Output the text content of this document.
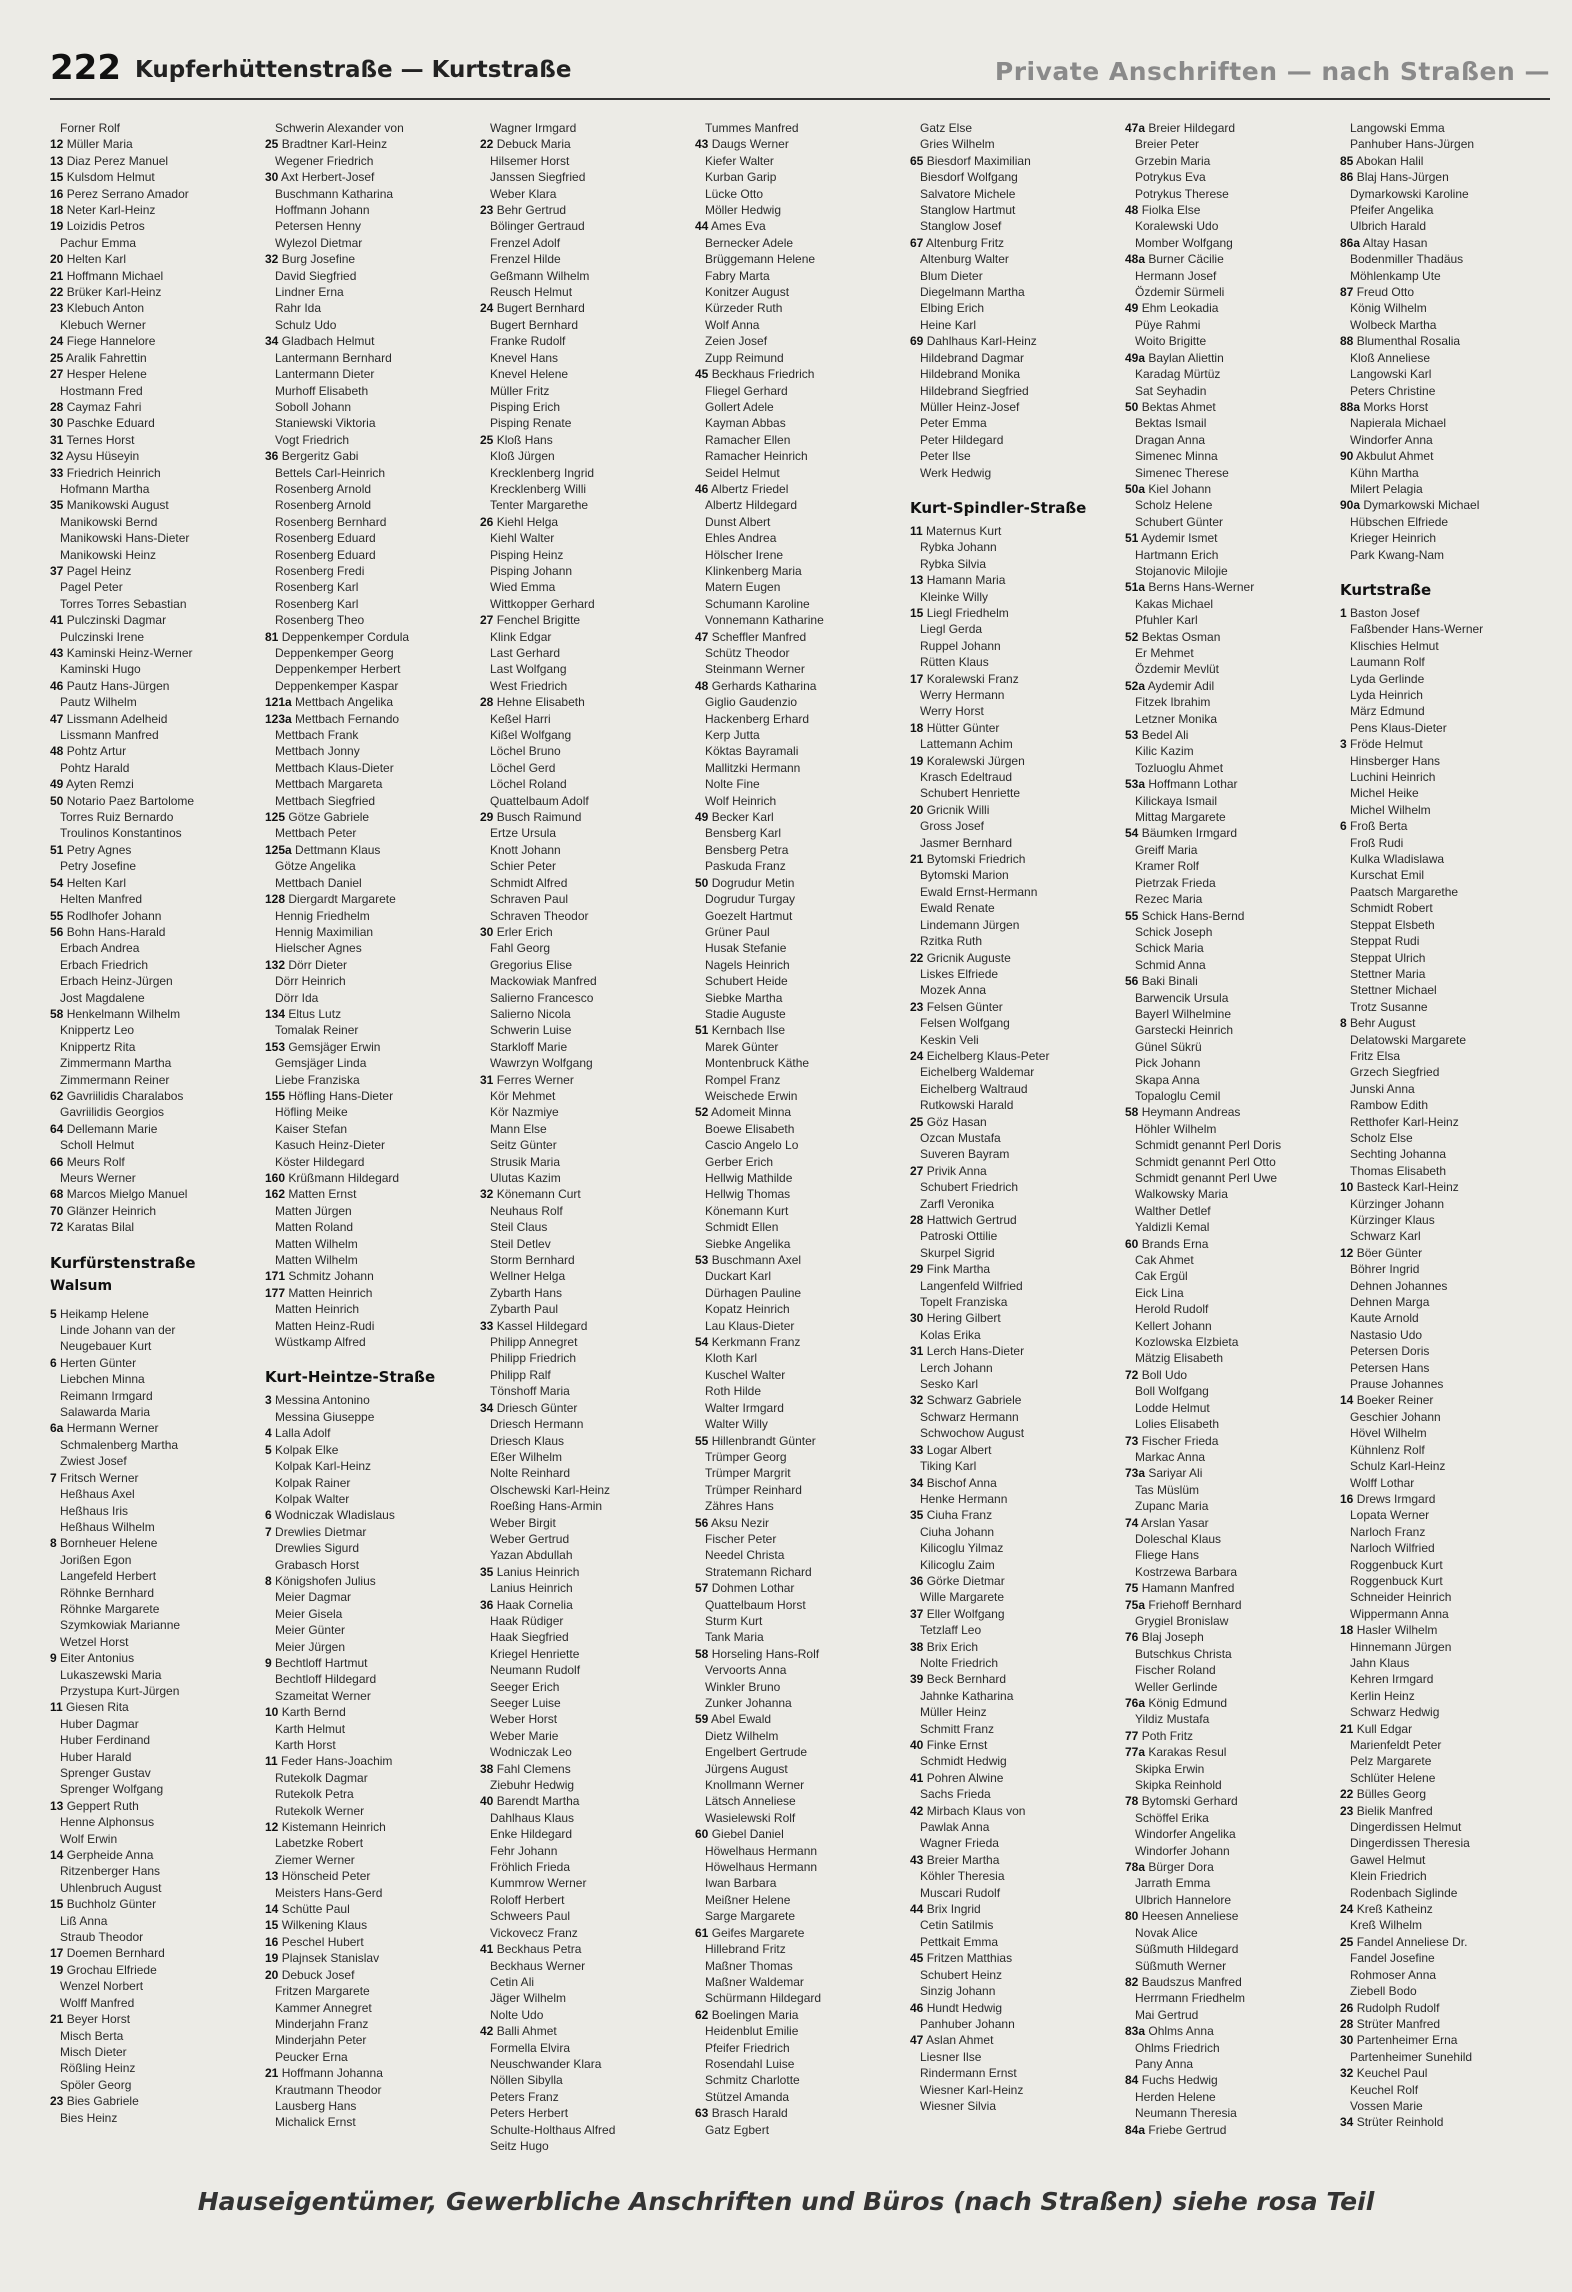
222 Kupferhüttenstraße — Kurtstraße	Private Anschriften — nach Straßen —
Forner Rolf
12 Müller Maria
13 Diaz Perez Manuel
15 Kulsdom Helmut
16 Perez Serrano Amador
18 Neter Karl-Heinz
19 Loizidis Petros
Pachur Emma
20 Helten Karl
21 Hoffmann Michael
22 Brüker Karl-Heinz
23 Klebuch Anton
Klebuch Werner
24 Fiege Hannelore
25 Aralik Fahrettin
27 Hesper Helene
Hostmann Fred
28 Caymaz Fahri
30 Paschke Eduard
31 Ternes Horst
32 Aysu Hüseyin
33 Friedrich Heinrich
Hofmann Martha
35 Manikowski August
Manikowski Bernd
Manikowski Hans-Dieter
Manikowski Heinz
37 Pagel Heinz
Pagel Peter
Torres Torres Sebastian
41 Pulczinski Dagmar
Pulczinski Irene
43 Kaminski Heinz-Werner
Kaminski Hugo
46 Pautz Hans-Jürgen
Pautz Wilhelm
47 Lissmann Adelheid
Lissmann Manfred
48 Pohtz Artur
Pohtz Harald
49 Ayten Remzi
50 Notario Paez Bartolome
Torres Ruiz Bernardo
Troulinos Konstantinos
51 Petry Agnes
Petry Josefine
54 Helten Karl
Helten Manfred
55 Rodlhofer Johann
56 Bohn Hans-Harald
Erbach Andrea
Erbach Friedrich
Erbach Heinz-Jürgen
Jost Magdalene
58 Henkelmann Wilhelm
Knippertz Leo
Knippertz Rita
Zimmermann Martha
Zimmermann Reiner
62 Gavriilidis Charalabos
Gavriilidis Georgios
64 Dellemann Marie
Scholl Helmut
66 Meurs Rolf
Meurs Werner
68 Marcos Mielgo Manuel
70 Glänzer Heinrich
72 Karatas Bilal
Kurfürstenstraße
Walsum
5 Heikamp Helene
Linde Johann van der
Neugebauer Kurt
6 Herten Günter
Liebchen Minna
Reimann Irmgard
Salawarda Maria
6a Hermann Werner
Schmalenberg Martha
Zwiest Josef
7 Fritsch Werner
Heßhaus Axel
Heßhaus Iris
Heßhaus Wilhelm
8 Bornheuer Helene
Jorißen Egon
Langefeld Herbert
Röhnke Bernhard
Röhnke Margarete
Szymkowiak Marianne
Wetzel Horst
9 Eiter Antonius
Lukaszewski Maria
Przystupa Kurt-Jürgen
11 Giesen Rita
Huber Dagmar
Huber Ferdinand
Huber Harald
Sprenger Gustav
Sprenger Wolfgang
13 Geppert Ruth
Henne Alphonsus
Wolf Erwin
14 Gerpheide Anna
Ritzenberger Hans
Uhlenbruch August
15 Buchholz Günter
Liß Anna
Straub Theodor
17 Doemen Bernhard
19 Grochau Elfriede
Wenzel Norbert
Wolff Manfred
21 Beyer Horst
Misch Berta
Misch Dieter
Rößling Heinz
Spöler Georg
23 Bies Gabriele
Bies Heinz
Schwerin Alexander von
25 Bradtner Karl-Heinz
Wegener Friedrich
30 Axt Herbert-Josef
Buschmann Katharina
Hoffmann Johann
Petersen Henny
Wylezol Dietmar
32 Burg Josefine
David Siegfried
Lindner Erna
Rahr Ida
Schulz Udo
34 Gladbach Helmut
Lantermann Bernhard
Lantermann Dieter
Murhoff Elisabeth
Soboll Johann
Staniewski Viktoria
Vogt Friedrich
36 Bergeritz Gabi
Bettels Carl-Heinrich
Rosenberg Arnold
Rosenberg Arnold
Rosenberg Bernhard
Rosenberg Eduard
Rosenberg Eduard
Rosenberg Fredi
Rosenberg Karl
Rosenberg Karl
Rosenberg Theo
81 Deppenkemper Cordula
Deppenkemper Georg
Deppenkemper Herbert
Deppenkemper Kaspar
121a Mettbach Angelika
123a Mettbach Fernando
Mettbach Frank
Mettbach Jonny
Mettbach Klaus-Dieter
Mettbach Margareta
Mettbach Siegfried
125 Götze Gabriele
Mettbach Peter
125a Dettmann Klaus
Götze Angelika
Mettbach Daniel
128 Diergardt Margarete
Hennig Friedhelm
Hennig Maximilian
Hielscher Agnes
132 Dörr Dieter
Dörr Heinrich
Dörr Ida
134 Eltus Lutz
Tomalak Reiner
153 Gemsjäger Erwin
Gemsjäger Linda
Liebe Franziska
155 Höfling Hans-Dieter
Höfling Meike
Kaiser Stefan
Kasuch Heinz-Dieter
Köster Hildegard
160 Krüßmann Hildegard
162 Matten Ernst
Matten Jürgen
Matten Roland
Matten Wilhelm
Matten Wilhelm
171 Schmitz Johann
177 Matten Heinrich
Matten Heinrich
Matten Heinz-Rudi
Wüstkamp Alfred
Kurt-Heintze-Straße
3 Messina Antonino
Messina Giuseppe
4 Lalla Adolf
5 Kolpak Elke
Kolpak Karl-Heinz
Kolpak Rainer
Kolpak Walter
6 Wodniczak Wladislaus
7 Drewlies Dietmar
Drewlies Sigurd
Grabasch Horst
8 Königshofen Julius
Meier Dagmar
Meier Gisela
Meier Günter
Meier Jürgen
9 Bechtloff Hartmut
Bechtloff Hildegard
Szameitat Werner
10 Karth Bernd
Karth Helmut
Karth Horst
11 Feder Hans-Joachim
Rutekolk Dagmar
Rutekolk Petra
Rutekolk Werner
12 Kistemann Heinrich
Labetzke Robert
Ziemer Werner
13 Hönscheid Peter
Meisters Hans-Gerd
14 Schütte Paul
15 Wilkening Klaus
16 Peschel Hubert
19 Plajnsek Stanislav
20 Debuck Josef
Fritzen Margarete
Kammer Annegret
Minderjahn Franz
Minderjahn Peter
Peucker Erna
21 Hoffmann Johanna
Krautmann Theodor
Lausberg Hans
Michalick Ernst
Wagner Irmgard
22 Debuck Maria
Hilsemer Horst
Janssen Siegfried
Weber Klara
23 Behr Gertrud
Bölinger Gertraud
Frenzel Adolf
Frenzel Hilde
Geßmann Wilhelm
Reusch Helmut
24 Bugert Bernhard
Bugert Bernhard
Franke Rudolf
Knevel Hans
Knevel Helene
Müller Fritz
Pisping Erich
Pisping Renate
25 Kloß Hans
Kloß Jürgen
Krecklenberg Ingrid
Krecklenberg Willi
Tenter Margarethe
26 Kiehl Helga
Kiehl Walter
Pisping Heinz
Pisping Johann
Wied Emma
Wittkopper Gerhard
27 Fenchel Brigitte
Klink Edgar
Last Gerhard
Last Wolfgang
West Friedrich
28 Hehne Elisabeth
Keßel Harri
Kißel Wolfgang
Löchel Bruno
Löchel Gerd
Löchel Roland
Quattelbaum Adolf
29 Busch Raimund
Ertze Ursula
Knott Johann
Schier Peter
Schmidt Alfred
Schraven Paul
Schraven Theodor
30 Erler Erich
Fahl Georg
Gregorius Elise
Mackowiak Manfred
Salierno Francesco
Salierno Nicola
Schwerin Luise
Starkloff Marie
Wawrzyn Wolfgang
31 Ferres Werner
Kör Mehmet
Kör Nazmiye
Mann Else
Seitz Günter
Strusik Maria
Ulutas Kazim
32 Könemann Curt
Neuhaus Rolf
Steil Claus
Steil Detlev
Storm Bernhard
Wellner Helga
Zybarth Hans
Zybarth Paul
33 Kassel Hildegard
Philipp Annegret
Philipp Friedrich
Philipp Ralf
Tönshoff Maria
34 Driesch Günter
Driesch Hermann
Driesch Klaus
Eßer Wilhelm
Nolte Reinhard
Olschewski Karl-Heinz
Roeßing Hans-Armin
Weber Birgit
Weber Gertrud
Yazan Abdullah
35 Lanius Heinrich
Lanius Heinrich
36 Haak Cornelia
Haak Rüdiger
Haak Siegfried
Kriegel Henriette
Neumann Rudolf
Seeger Erich
Seeger Luise
Weber Horst
Weber Marie
Wodniczak Leo
38 Fahl Clemens
Ziebuhr Hedwig
40 Barendt Martha
Dahlhaus Klaus
Enke Hildegard
Fehr Johann
Fröhlich Frieda
Kummrow Werner
Roloff Herbert
Schweers Paul
Vickovecz Franz
41 Beckhaus Petra
Beckhaus Werner
Cetin Ali
Jäger Wilhelm
Nolte Udo
42 Balli Ahmet
Formella Elvira
Neuschwander Klara
Nöllen Sibylla
Peters Franz
Peters Herbert
Schulte-Holthaus Alfred
Seitz Hugo
Tummes Manfred
43 Daugs Werner
Kiefer Walter
Kurban Garip
Lücke Otto
Möller Hedwig
44 Ames Eva
Bernecker Adele
Brüggemann Helene
Fabry Marta
Konitzer August
Kürzeder Ruth
Wolf Anna
Zeien Josef
Zupp Reimund
45 Beckhaus Friedrich
Fliegel Gerhard
Gollert Adele
Kayman Abbas
Ramacher Ellen
Ramacher Heinrich
Seidel Helmut
46 Albertz Friedel
Albertz Hildegard
Dunst Albert
Ehles Andrea
Hölscher Irene
Klinkenberg Maria
Matern Eugen
Schumann Karoline
Vonnemann Katharine
47 Scheffler Manfred
Schütz Theodor
Steinmann Werner
48 Gerhards Katharina
Giglio Gaudenzio
Hackenberg Erhard
Kerp Jutta
Köktas Bayramali
Mallitzki Hermann
Nolte Fine
Wolf Heinrich
49 Becker Karl
Bensberg Karl
Bensberg Petra
Paskuda Franz
50 Dogrudur Metin
Dogrudur Turgay
Goezelt Hartmut
Grüner Paul
Husak Stefanie
Nagels Heinrich
Schubert Heide
Siebke Martha
Stadie Auguste
51 Kernbach Ilse
Marek Günter
Montenbruck Käthe
Rompel Franz
Weischede Erwin
52 Adomeit Minna
Boewe Elisabeth
Cascio Angelo Lo
Gerber Erich
Hellwig Mathilde
Hellwig Thomas
Könemann Kurt
Schmidt Ellen
Siebke Angelika
53 Buschmann Axel
Duckart Karl
Dürhagen Pauline
Kopatz Heinrich
Lau Klaus-Dieter
54 Kerkmann Franz
Kloth Karl
Kuschel Walter
Roth Hilde
Walter Irmgard
Walter Willy
55 Hillenbrandt Günter
Trümper Georg
Trümper Margrit
Trümper Reinhard
Zähres Hans
56 Aksu Nezir
Fischer Peter
Needel Christa
Stratemann Richard
57 Dohmen Lothar
Quattelbaum Horst
Sturm Kurt
Tank Maria
58 Horseling Hans-Rolf
Vervoorts Anna
Winkler Bruno
Zunker Johanna
59 Abel Ewald
Dietz Wilhelm
Engelbert Gertrude
Jürgens August
Knollmann Werner
Lätsch Anneliese
Wasielewski Rolf
60 Giebel Daniel
Höwelhaus Hermann
Höwelhaus Hermann
Iwan Barbara
Meißner Helene
Sarge Margarete
61 Geifes Margarete
Hillebrand Fritz
Maßner Thomas
Maßner Waldemar
Schürmann Hildegard
62 Boelingen Maria
Heidenblut Emilie
Pfeifer Friedrich
Rosendahl Luise
Schmitz Charlotte
Stützel Amanda
63 Brasch Harald
Gatz Egbert
Gatz Else
Gries Wilhelm
65 Biesdorf Maximilian
Biesdorf Wolfgang
Salvatore Michele
Stanglow Hartmut
Stanglow Josef
67 Altenburg Fritz
Altenburg Walter
Blum Dieter
Diegelmann Martha
Elbing Erich
Heine Karl
69 Dahlhaus Karl-Heinz
Hildebrand Dagmar
Hildebrand Monika
Hildebrand Siegfried
Müller Heinz-Josef
Peter Emma
Peter Hildegard
Peter Ilse
Werk Hedwig
Kurt-Spindler-Straße
11 Maternus Kurt
Rybka Johann
Rybka Silvia
13 Hamann Maria
Kleinke Willy
15 Liegl Friedhelm
Liegl Gerda
Ruppel Johann
Rütten Klaus
17 Koralewski Franz
Werry Hermann
Werry Horst
18 Hütter Günter
Lattemann Achim
19 Koralewski Jürgen
Krasch Edeltraud
Schubert Henriette
20 Gricnik Willi
Gross Josef
Jasmer Bernhard
21 Bytomski Friedrich
Bytomski Marion
Ewald Ernst-Hermann
Ewald Renate
Lindemann Jürgen
Rzitka Ruth
22 Gricnik Auguste
Liskes Elfriede
Mozek Anna
23 Felsen Günter
Felsen Wolfgang
Keskin Veli
24 Eichelberg Klaus-Peter
Eichelberg Waldemar
Eichelberg Waltraud
Rutkowski Harald
25 Göz Hasan
Ozcan Mustafa
Suveren Bayram
27 Privik Anna
Schubert Friedrich
Zarfl Veronika
28 Hattwich Gertrud
Patroski Ottilie
Skurpel Sigrid
29 Fink Martha
Langenfeld Wilfried
Topelt Franziska
30 Hering Gilbert
Kolas Erika
31 Lerch Hans-Dieter
Lerch Johann
Sesko Karl
32 Schwarz Gabriele
Schwarz Hermann
Schwochow August
33 Logar Albert
Tiking Karl
34 Bischof Anna
Henke Hermann
35 Ciuha Franz
Ciuha Johann
Kilicoglu Yilmaz
Kilicoglu Zaim
36 Görke Dietmar
Wille Margarete
37 Eller Wolfgang
Tetzlaff Leo
38 Brix Erich
Nolte Friedrich
39 Beck Bernhard
Jahnke Katharina
Müller Heinz
Schmitt Franz
40 Finke Ernst
Schmidt Hedwig
41 Pohren Alwine
Sachs Frieda
42 Mirbach Klaus von
Pawlak Anna
Wagner Frieda
43 Breier Martha
Köhler Theresia
Muscari Rudolf
44 Brix Ingrid
Cetin Satilmis
Pettkait Emma
45 Fritzen Matthias
Schubert Heinz
Sinzig Johann
46 Hundt Hedwig
Panhuber Johann
47 Aslan Ahmet
Liesner Ilse
Rindermann Ernst
Wiesner Karl-Heinz
Wiesner Silvia
47a Breier Hildegard
Breier Peter
Grzebin Maria
Potrykus Eva
Potrykus Therese
48 Fiolka Else
Koralewski Udo
Momber Wolfgang
48a Burner Cäcilie
Hermann Josef
Özdemir Sürmeli
49 Ehm Leokadia
Püye Rahmi
Woito Brigitte
49a Baylan Aliettin
Karadag Mürtüz
Sat Seyhadin
50 Bektas Ahmet
Bektas Ismail
Dragan Anna
Simenec Minna
Simenec Therese
50a Kiel Johann
Scholz Helene
Schubert Günter
51 Aydemir Ismet
Hartmann Erich
Stojanovic Milojie
51a Berns Hans-Werner
Kakas Michael
Pfuhler Karl
52 Bektas Osman
Er Mehmet
Özdemir Mevlüt
52a Aydemir Adil
Fitzek Ibrahim
Letzner Monika
53 Bedel Ali
Kilic Kazim
Tozluoglu Ahmet
53a Hoffmann Lothar
Kilickaya Ismail
Mittag Margarete
54 Bäumken Irmgard
Greiff Maria
Kramer Rolf
Pietrzak Frieda
Rezec Maria
55 Schick Hans-Bernd
Schick Joseph
Schick Maria
Schmid Anna
56 Baki Binali
Barwencik Ursula
Bayerl Wilhelmine
Garstecki Heinrich
Günel Sükrü
Pick Johann
Skapa Anna
Topaloglu Cemil
58 Heymann Andreas
Höhler Wilhelm
Schmidt genannt Perl Doris
Schmidt genannt Perl Otto
Schmidt genannt Perl Uwe
Walkowsky Maria
Walther Detlef
Yaldizli Kemal
60 Brands Erna
Cak Ahmet
Cak Ergül
Eick Lina
Herold Rudolf
Kellert Johann
Kozlowska Elzbieta
Mätzig Elisabeth
72 Boll Udo
Boll Wolfgang
Lodde Helmut
Lolies Elisabeth
73 Fischer Frieda
Markac Anna
73a Sariyar Ali
Tas Müslüm
Zupanc Maria
74 Arslan Yasar
Doleschal Klaus
Fliege Hans
Kostrzewa Barbara
75 Hamann Manfred
75a Friehoff Bernhard
Grygiel Bronislaw
76 Blaj Joseph
Butschkus Christa
Fischer Roland
Weller Gerlinde
76a König Edmund
Yildiz Mustafa
77 Poth Fritz
77a Karakas Resul
Skipka Erwin
Skipka Reinhold
78 Bytomski Gerhard
Schöffel Erika
Windorfer Angelika
Windorfer Johann
78a Bürger Dora
Jarrath Emma
Ulbrich Hannelore
80 Heesen Anneliese
Novak Alice
Süßmuth Hildegard
Süßmuth Werner
82 Baudszus Manfred
Herrmann Friedhelm
Mai Gertrud
83a Ohlms Anna
Ohlms Friedrich
Pany Anna
84 Fuchs Hedwig
Herden Helene
Neumann Theresia
84a Friebe Gertrud
Langowski Emma
Panhuber Hans-Jürgen
85 Abokan Halil
86 Blaj Hans-Jürgen
Dymarkowski Karoline
Pfeifer Angelika
Ulbrich Harald
86a Altay Hasan
Bodenmiller Thadäus
Möhlenkamp Ute
87 Freud Otto
König Wilhelm
Wolbeck Martha
88 Blumenthal Rosalia
Kloß Anneliese
Langowski Karl
Peters Christine
88a Morks Horst
Napierala Michael
Windorfer Anna
90 Akbulut Ahmet
Kühn Martha
Milert Pelagia
90a Dymarkowski Michael
Hübschen Elfriede
Krieger Heinrich
Park Kwang-Nam
Kurtstraße
1 Baston Josef
Faßbender Hans-Werner
Klischies Helmut
Laumann Rolf
Lyda Gerlinde
Lyda Heinrich
März Edmund
Pens Klaus-Dieter
3 Fröde Helmut
Hinsberger Hans
Luchini Heinrich
Michel Heike
Michel Wilhelm
6 Froß Berta
Froß Rudi
Kulka Wladislawa
Kurschat Emil
Paatsch Margarethe
Schmidt Robert
Steppat Elsbeth
Steppat Rudi
Steppat Ulrich
Stettner Maria
Stettner Michael
Trotz Susanne
8 Behr August
Delatowski Margarete
Fritz Elsa
Grzech Siegfried
Junski Anna
Rambow Edith
Retthofer Karl-Heinz
Scholz Else
Sechting Johanna
Thomas Elisabeth
10 Basteck Karl-Heinz
Kürzinger Johann
Kürzinger Klaus
Schwarz Karl
12 Böer Günter
Böhrer Ingrid
Dehnen Johannes
Dehnen Marga
Kaute Arnold
Nastasio Udo
Petersen Doris
Petersen Hans
Prause Johannes
14 Boeker Reiner
Geschier Johann
Hövel Wilhelm
Kühnlenz Rolf
Schulz Karl-Heinz
Wolff Lothar
16 Drews Irmgard
Lopata Werner
Narloch Franz
Narloch Wilfried
Roggenbuck Kurt
Roggenbuck Kurt
Schneider Heinrich
Wippermann Anna
18 Hasler Wilhelm
Hinnemann Jürgen
Jahn Klaus
Kehren Irmgard
Kerlin Heinz
Schwarz Hedwig
21 Kull Edgar
Marienfeldt Peter
Pelz Margarete
Schlüter Helene
22 Bülles Georg
23 Bielik Manfred
Dingerdissen Helmut
Dingerdissen Theresia
Gawel Helmut
Klein Friedrich
Rodenbach Siglinde
24 Kreß Katheinz
Kreß Wilhelm
25 Fandel Anneliese Dr.
Fandel Josefine
Rohmoser Anna
Ziebell Bodo
26 Rudolph Rudolf
28 Strüter Manfred
30 Partenheimer Erna
Partenheimer Sunehild
32 Keuchel Paul
Keuchel Rolf
Vossen Marie
34 Strüter Reinhold
Hauseigentümer, Gewerbliche Anschriften und Büros (nach Straßen) siehe rosa Teil
